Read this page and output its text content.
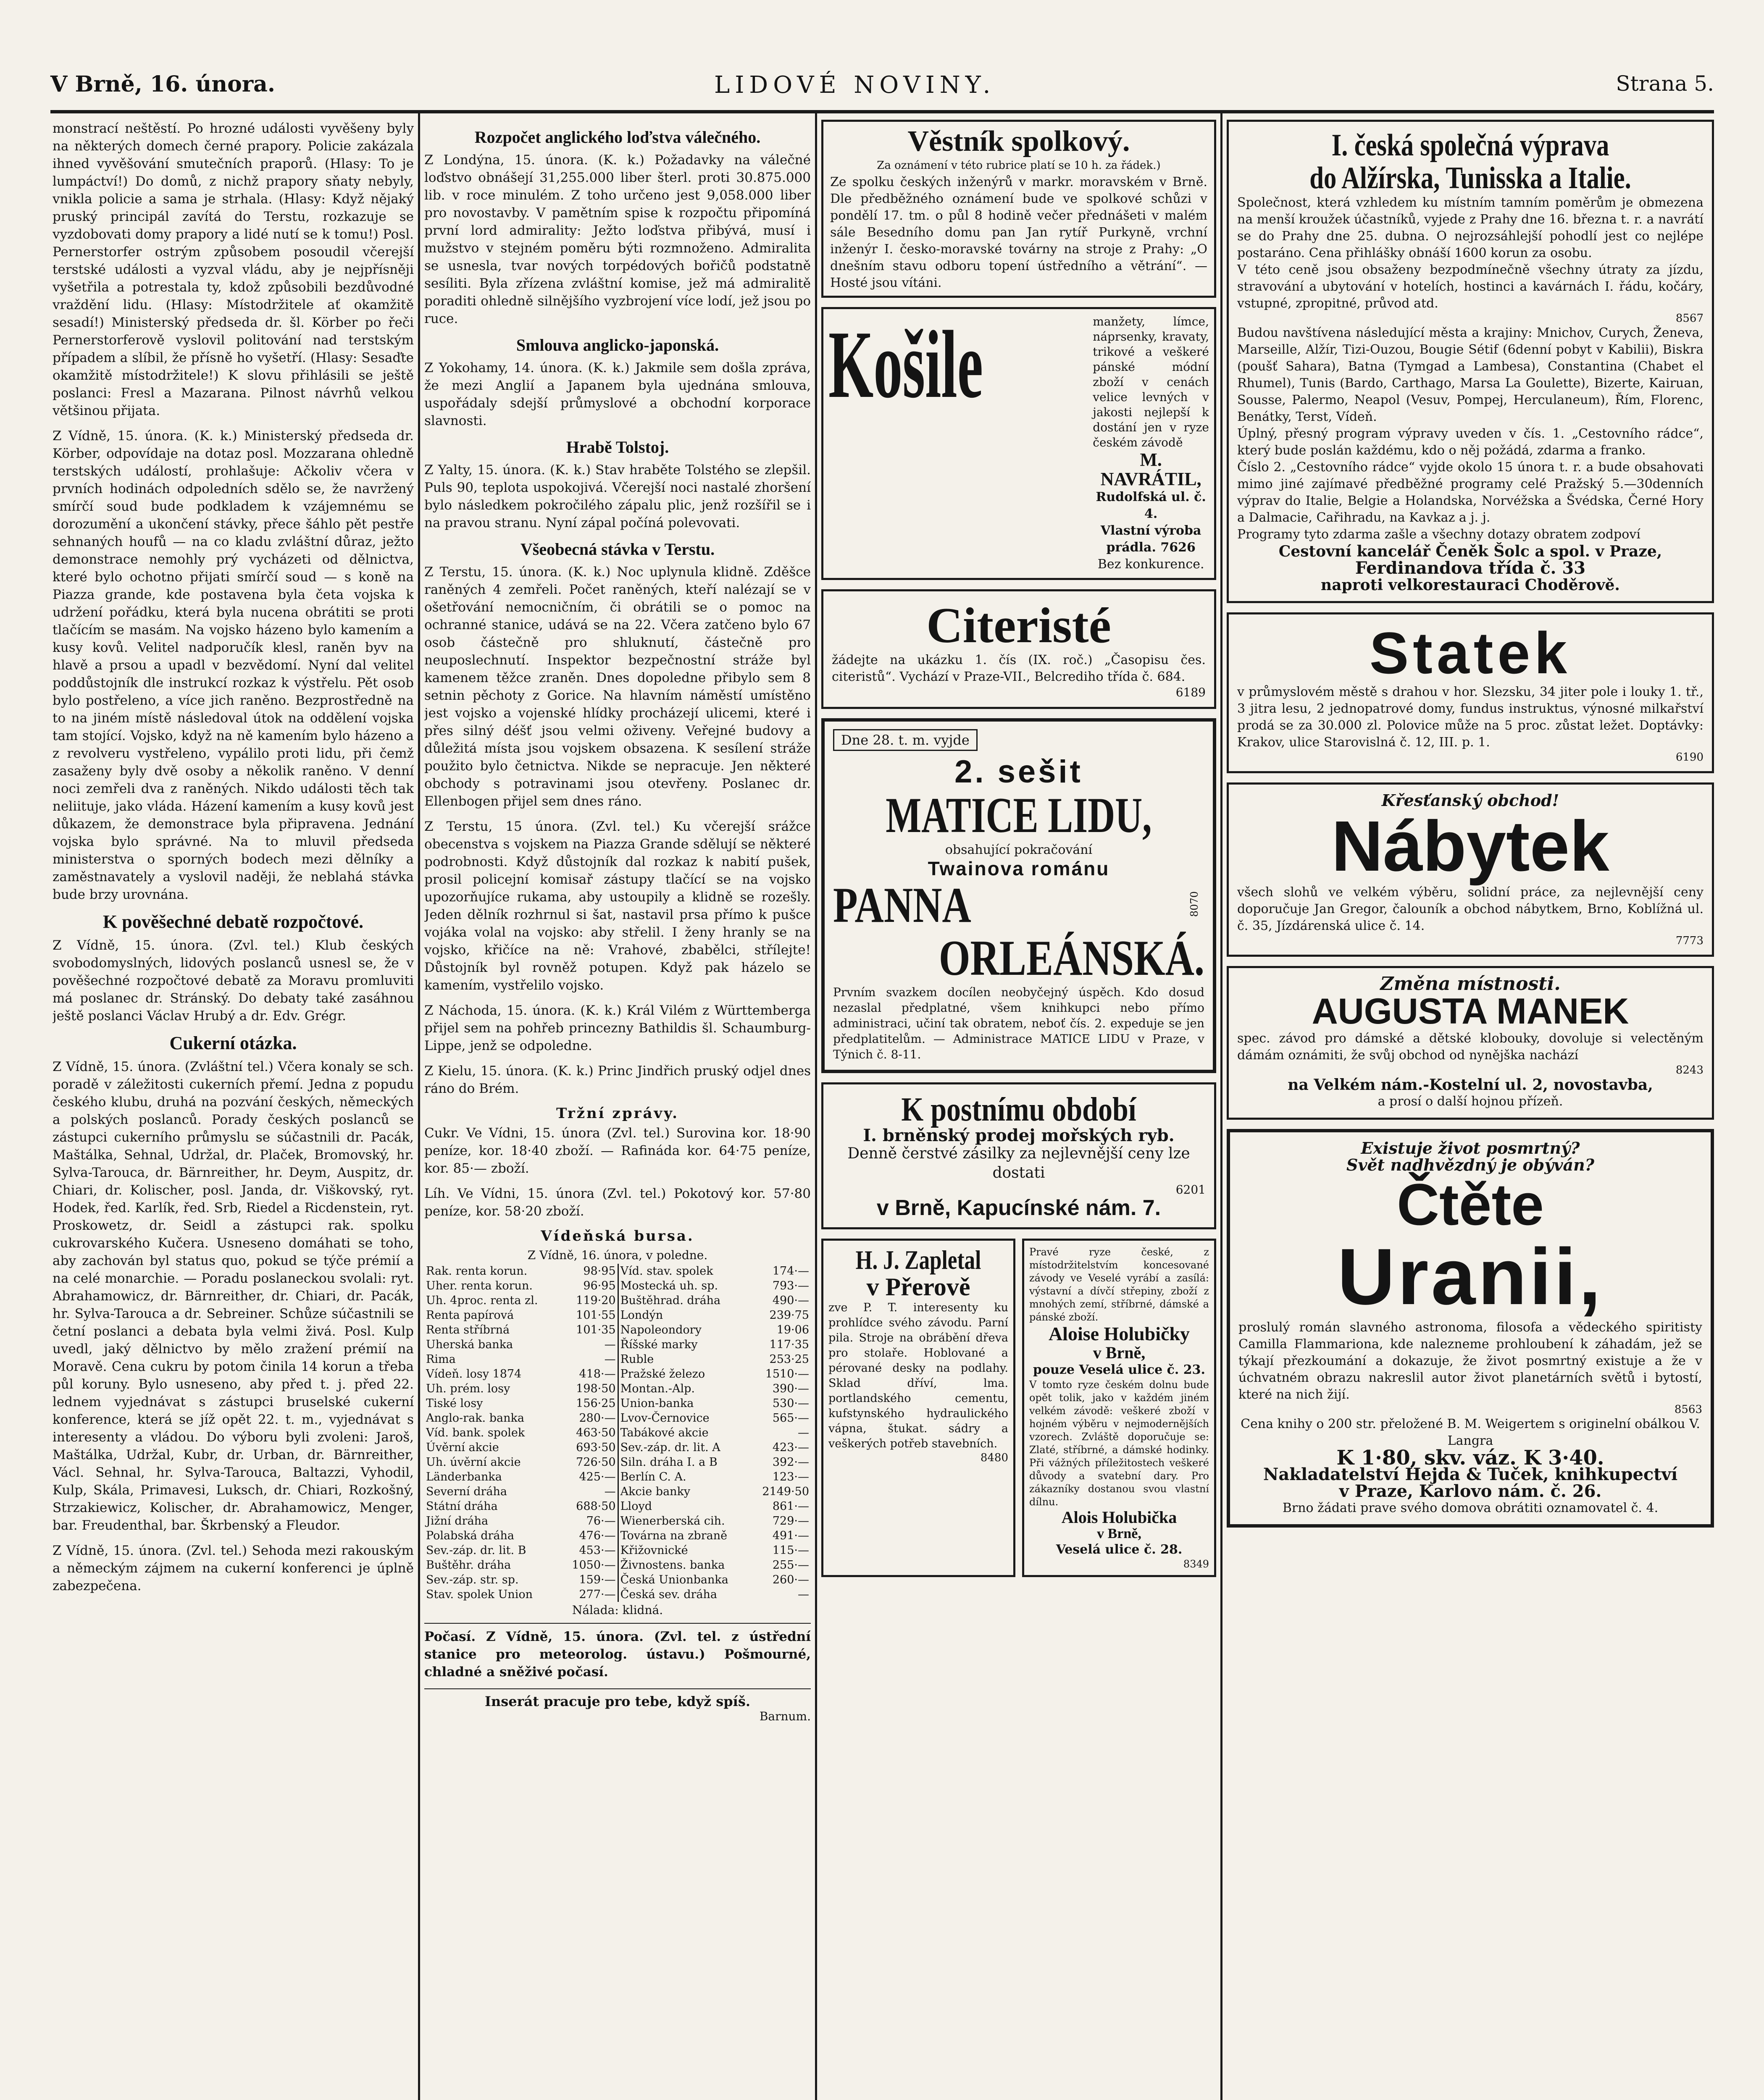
V Brně, 16. února.	LIDOVÉ NOVINY.	Strana 5.

monstrací neštěstí. Po hrozné události vyvěšeny byly na některých domech černé prapory. Policie zakázala ihned vyvěšování smutečních praporů. (Hlasy: To je lumpáctví!) Do domů, z nichž prapory sňaty nebyly, vnikla policie a sama je strhala. (Hlasy: Když nějaký pruský principál zavítá do Terstu, rozkazuje se vyzdobovati domy prapory a lidé nutí se k tomu!) Posl. Pernerstorfer ostrým způsobem posoudil včerejší terstské události a vyzval vládu, aby je nejpřísněji vyšetřila a potrestala ty, kdož způsobili bezdůvodné vraždění lidu. (Hlasy: Místodržitele ať okamžitě sesadí!) Ministerský předseda dr. šl. Körber po řeči Pernerstorferově vyslovil politování nad terstským případem a slíbil, že přísně ho vyšetří. (Hlasy: Sesaďte okamžitě místodržitele!) K slovu přihlásili se ještě poslanci: Fresl a Mazarana. Pilnost návrhů velkou většinou přijata.

Z Vídně, 15. února. (K. k.) Ministerský předseda dr. Körber, odpovídaje na dotaz posl. Mozzarana ohledně terstských událostí, prohlašuje: Ačkoliv včera v prvních hodinách odpoledních sdělo se, že navržený smírčí soud bude podkladem k vzájemnému se dorozumění a ukončení stávky, přece šáhlo pět pestře sehnaných houfů — na co kladu zvláštní důraz, ježto demonstrace nemohly prý vycházeti od dělnictva, které bylo ochotno přijati smírčí soud — s koně na Piazza grande, kde postavena byla četa vojska k udržení pořádku, která byla nucena obrátiti se proti tlačícím se masám. Na vojsko házeno bylo kamením a kusy kovů. Velitel nadporučík klesl, raněn byv na hlavě a prsou a upadl v bezvědomí. Nyní dal velitel poddůstojník dle instrukcí rozkaz k výstřelu. Pět osob bylo postřeleno, a více jich raněno. Bezprostředně na to na jiném místě následoval útok na oddělení vojska tam stojící. Vojsko, když na ně kamením bylo házeno a z revolveru vystřeleno, vypálilo proti lidu, při čemž zasaženy byly dvě osoby a několik raněno. V denní noci zemřeli dva z raněných. Nikdo události těch tak neliituje, jako vláda. Házení kamením a kusy kovů jest důkazem, že demonstrace byla připravena. Jednání vojska bylo správné. Na to mluvil předseda ministerstva o sporných bodech mezi dělníky a zaměstnavately a vyslovil naději, že neblahá stávka bude brzy urovnána.

K pověšechné debatě rozpočtové.

Z Vídně, 15. února. (Zvl. tel.) Klub českých svobodomyslných, lidových poslanců usnesl se, že v pověšechné rozpočtové debatě za Moravu promluviti má poslanec dr. Stránský. Do debaty také zasáhnou ještě poslanci Václav Hrubý a dr. Edv. Grégr.

Cukerní otázka.

Z Vídně, 15. února. (Zvláštní tel.) Včera konaly se sch. poradě v záležitosti cukerních přemí. Jedna z popudu českého klubu, druhá na pozvání českých, německých a polských poslanců. Porady českých poslanců se zástupci cukerního průmyslu se súčastnili dr. Pacák, Maštálka, Sehnal, Udržal, dr. Plaček, Bromovský, hr. Sylva-Tarouca, dr. Bärnreither, hr. Deym, Auspitz, dr. Chiari, dr. Kolischer, posl. Janda, dr. Viškovský, ryt. Hodek, řed. Karlík, řed. Srb, Riedel a Ricdenstein, ryt. Proskowetz, dr. Seidl a zástupci rak. spolku cukrovarského Kučera. Usneseno domáhati se toho, aby zachován byl status quo, pokud se týče prémií a na celé monarchie. — Poradu poslaneckou svolali: ryt. Abrahamowicz, dr. Bärnreither, dr. Chiari, dr. Pacák, hr. Sylva-Tarouca a dr. Sebreiner. Schůze súčastnili se četní poslanci a debata byla velmi živá. Posl. Kulp uvedl, jaký dělnictvo by mělo zražení prémií na Moravě. Cena cukru by potom činila 14 korun a třeba půl koruny. Bylo usneseno, aby před t. j. před 22. lednem vyjednávat s zástupci bruselské cukerní konference, která se jíž opět 22. t. m., vyjednávat s interesenty a vládou. Do výboru byli zvoleni: Jaroš, Maštálka, Udržal, Kubr, dr. Urban, dr. Bärnreither, Václ. Sehnal, hr. Sylva-Tarouca, Baltazzi, Vyhodil, Kulp, Skála, Primavesi, Luksch, dr. Chiari, Rozkošný, Strzakiewicz, Kolischer, dr. Abrahamowicz, Menger, bar. Freudenthal, bar. Škrbenský a Fleudor.

Z Vídně, 15. února. (Zvl. tel.) Sehoda mezi rakouským a německým zájmem na cukerní konferenci je úplně zabezpečena.

Rozpočet anglického loďstva válečného.

Z Londýna, 15. února. (K. k.) Požadavky na válečné loďstvo obnášejí 31,255.000 liber šterl. proti 30.875.000 lib. v roce minulém. Z toho určeno jest 9,058.000 liber pro novostavby. V pamětním spise k rozpočtu připomíná první lord admirality: Ježto loďstva přibývá, musí i mužstvo v stejném poměru býti rozmnoženo. Admiralita se usnesla, tvar nových torpédových bořičů podstatně sesíliti. Byla zřízena zvláštní komise, jež má admiralitě poraditi ohledně silnějšího vyzbrojení více lodí, jež jsou po ruce.

Smlouva anglicko-japonská.

Z Yokohamy, 14. února. (K. k.) Jakmile sem došla zpráva, že mezi Anglií a Japanem byla ujednána smlouva, uspořádaly sdejší průmyslové a obchodní korporace slavnosti.

Hrabě Tolstoj.

Z Yalty, 15. února. (K. k.) Stav hraběte Tolstého se zlepšil. Puls 90, teplota uspokojivá. Včerejší noci nastalé zhoršení bylo následkem pokročilého zápalu plic, jenž rozšířil se i na pravou stranu. Nyní zápal počíná polevovati.

Všeobecná stávka v Terstu.

Z Terstu, 15. února. (K. k.) Noc uplynula klidně. Zděšce raněných 4 zemřeli. Počet raněných, kteří nalézají se v ošetřování nemocničním, či obrátili se o pomoc na ochranné stanice, udává se na 22. Včera zatčeno bylo 67 osob částečně pro shluknutí, částečně pro neuposlechnutí. Inspektor bezpečnostní stráže byl kamenem těžce zraněn. Dnes dopoledne přibylo sem 8 setnin pěchoty z Gorice. Na hlavním náměstí umístěno jest vojsko a vojenské hlídky procházejí ulicemi, které i přes silný déšť jsou velmi oživeny. Veřejné budovy a důležitá místa jsou vojskem obsazena. K sesílení stráže použito bylo četnictva. Nikde se nepracuje. Jen některé obchody s potravinami jsou otevřeny. Poslanec dr. Ellenbogen přijel sem dnes ráno.

Z Terstu, 15 února. (Zvl. tel.) Ku včerejší srážce obecenstva s vojskem na Piazza Grande sdělují se některé podrobnosti. Když důstojník dal rozkaz k nabití pušek, prosil policejní komisař zástupy tlačící se na vojsko upozorňujíce rukama, aby ustoupily a klidně se rozešly. Jeden dělník rozhrnul si šat, nastavil prsa přímo k pušce vojáka volal na vojsko: aby střelil. I ženy hranly se na vojsko, křičíce na ně: Vrahové, zbabělci, střílejte! Důstojník byl rovněž potupen. Když pak házelo se kamením, vystřelilo vojsko.

Z Náchoda, 15. února. (K. k.) Král Vilém z Württemberga přijel sem na pohřeb princezny Bathildis šl. Schaumburg-Lippe, jenž se odpoledne.

Z Kielu, 15. února. (K. k.) Princ Jindřich pruský odjel dnes ráno do Brém.

Tržní zprávy.

Cukr. Ve Vídni, 15. února (Zvl. tel.) Surovina kor. 18·90 peníze, kor. 18·40 zboží. — Rafináda kor. 64·75 peníze, kor. 85·— zboží.

Líh. Ve Vídni, 15. února (Zvl. tel.) Pokotový kor. 57·80 peníze, kor. 58·20 zboží.

Vídeňská bursa.
Z Vídně, 16. února, v poledne.
Rak. renta korun.	98·95	Víd. stav. spolek	174·—
Uher. renta korun.	96·95	Mostecká uh. sp.	793·—
Uh. 4proc. renta zl.	119·20	Buštěhrad. dráha	490·—
Renta papírová	101·55	Londýn	239·75
Renta stříbrná	101·35	Napoleondory	19·06
Uherská banka	—	Říšské marky	117·35
Rima	—	Ruble	253·25
Vídeň. losy 1874	418·—	Pražské železo	1510·—
Uh. prém. losy	198·50	Montan.-Alp.	390·—
Tiské losy	156·25	Union-banka	530·—
Anglo-rak. banka	280·—	Lvov-Černovice	565·—
Víd. bank. spolek	463·50	Tabákové akcie	—
Úvěrní akcie	693·50	Sev.-záp. dr. lit. A	423·—
Uh. úvěrní akcie	726·50	Siln. dráha I. a B	392·—
Länderbanka	425·—	Berlín C. A.	123·—
Severní dráha	—	Akcie banky	2149·50
Státní dráha	688·50	Lloyd	861·—
Jižní dráha	76·—	Wienerberská cih.	729·—
Polabská dráha	476·—	Továrna na zbraně	491·—
Sev.-záp. dr. lit. B	453·—	Křižovnické	115·—
Buštěhr. dráha	1050·—	Živnostens. banka	255·—
Sev.-záp. str. sp.	159·—	Česká Unionbanka	260·—
Stav. spolek Union	277·—	Česká sev. dráha	—
Nálada: klidná.

Počasí. Z Vídně, 15. února. (Zvl. tel. z ústřední stanice pro meteorolog. ústavu.) Pošmourné, chladné a sněživé počasí.

Inserát pracuje pro tebe, když spíš.
Barnum.
Věstník spolkový.
Za oznámení v této rubrice platí se 10 h. za řádek.)
Ze spolku českých inženýrů v markr. moravském v Brně. Dle předběžného oznámení bude ve spolkové schůzi v pondělí 17. tm. o půl 8 hodině večer přednášeti v malém sále Besedního domu pan Jan rytíř Purkyně, vrchní inženýr I. česko-moravské továrny na stroje z Prahy: „O dnešním stavu odboru topení ústředního a větrání“. — Hosté jsou vítáni.
Košile	manžety, límce, náprsenky, kravaty, trikové a veškeré pánské módní zboží v cenách velice levných v jakosti nejlepší k dostání jen v ryze českém závodě
M. NAVRÁTIL,
Rudolfská ul. č. 4.
Vlastní výroba prádla. 7626
Bez konkurence.
Citeristé
žádejte na ukázku 1. čís (IX. roč.) „Časopisu čes. citeristů“. Vychází v Praze-VII., Belcrediho třída č. 684.
6189
Dne 28. t. m. vyjde
2. sešit
MATICE LIDU,
obsahující pokračování
Twainova románu
PANNA	8070
ORLEÁNSKÁ.
Prvním svazkem docílen neobyčejný úspěch. Kdo dosud nezaslal předplatné, všem knihkupci nebo přímo administraci, učiní tak obratem, neboť čís. 2. expeduje se jen předplatitelům. — Administrace MATICE LIDU v Praze, v Týnich č. 8-11.
K postnímu období
I. brněnský prodej mořských ryb.
Denně čerstvé zásilky za nejlevnější ceny lze dostati
6201
v Brně, Kapucínské nám. 7.
H. J. Zapletal
v Přerově
zve P. T. interesenty ku prohlídce svého závodu. Parní pila. Stroje na obrábění dřeva pro stolaře. Hoblované a pérované desky na podlahy. Sklad dříví, lma. portlandského cementu, kufstynského hydraulického vápna, štukat. sádry a veškerých potřeb stavebních.
8480
Pravé ryze české, z místodržitelstvím koncesované závody ve Veselé vyrábí a zasílá: výstavní a dívčí střepiny, zboží z mnohých zemí, stříbrné, dámské a pánské zboží.
Aloise Holubičky
v Brně,
pouze Veselá ulice č. 23.
V tomto ryze českém dolnu bude opět tolik, jako v každém jiném velkém závodě: veškeré zboží v hojném výběru v nejmodernějších vzorech. Zvláště doporučuje se: Zlaté, stříbrné, a dámské hodinky. Při vážných příležitostech veškeré důvody a svatební dary. Pro zákazníky dostanou svou vlastní dílnu.
Alois Holubička
v Brně,
Veselá ulice č. 28.
8349
I. česká společná výprava
do Alžírska, Tunisska a Italie.
Společnost, která vzhledem ku místním tamním poměrům je obmezena na menší kroužek účastníků, vyjede z Prahy dne 16. března t. r. a navrátí se do Prahy dne 25. dubna. O nejrozsáhlejší pohodlí jest co nejlépe postaráno. Cena přihlášky obnáší 1600 korun za osobu.
V této ceně jsou obsaženy bezpodmínečně všechny útraty za jízdu, stravování a ubytování v hotelích, hostinci a kavárnách I. řádu, kočáry, vstupné, zpropitné, průvod atd.
8567
Budou navštívena následující města a krajiny: Mnichov, Curych, Ženeva, Marseille, Alžír, Tizi-Ouzou, Bougie Sétif (6denní pobyt v Kabilii), Biskra (poušť Sahara), Batna (Tymgad a Lambesa), Constantina (Chabet el Rhumel), Tunis (Bardo, Carthago, Marsa La Goulette), Bizerte, Kairuan, Sousse, Palermo, Neapol (Vesuv, Pompej, Herculaneum), Řím, Florenc, Benátky, Terst, Vídeň.
Úplný, přesný program výpravy uveden v čís. 1. „Cestovního rádce“, který bude poslán každému, kdo o něj požádá, zdarma a franko.
Číslo 2. „Cestovního rádce“ vyjde okolo 15 února t. r. a bude obsahovati mimo jiné zajímavé předběžné programy celé Pražský 5.—30denních výprav do Italie, Belgie a Holandska, Norvéžska a Švédska, Černé Hory a Dalmacie, Cařihradu, na Kavkaz a j. j.
Programy tyto zdarma zašle a všechny dotazy obratem zodpoví
Cestovní kancelář Čeněk Šolc a spol. v Praze,
Ferdinandova třída č. 33
naproti velkorestauraci Choděrově.
Statek
v průmyslovém městě s drahou v hor. Slezsku, 34 jiter pole i louky 1. tř., 3 jitra lesu, 2 jednopatrové domy, fundus instruktus, výnosné milkařství prodá se za 30.000 zl. Polovice může na 5 proc. zůstat ležet. Doptávky: Krakov, ulice Starovislná č. 12, III. p. 1.
6190
Křesťanský obchod!
Nábytek
všech slohů ve velkém výběru, solidní práce, za nejlevnější ceny doporučuje Jan Gregor, čalouník a obchod nábytkem, Brno, Koblížná ul. č. 35, Jízdárenská ulice č. 14.
7773
Změna místnosti.
AUGUSTA MANEK
spec. závod pro dámské a dětské klobouky, dovoluje si velectěným dámám oznámiti, že svůj obchod od nynějška nachází
8243
na Velkém nám.-Kostelní ul. 2, novostavba,
a prosí o další hojnou přízeň.
Existuje život posmrtný?
Svět nadhvězdný je obýván?
Čtěte
Uranii,
proslulý román slavného astronoma, filosofa a vědeckého spiritisty Camilla Flammariona, kde nalezneme prohloubení k záhadám, jež se týkají přezkoumání a dokazuje, že život posmrtný existuje a že v úchvatném obrazu nakreslil autor život planetárních světů i bytostí, které na nich žijí.
8563
Cena knihy o 200 str. přeložené B. M. Weigertem s originelní obálkou V. Langra
K 1·80, skv. váz. K 3·40.
Nakladatelství Hejda & Tuček, knihkupectví
v Praze, Karlovo nám. č. 26.
Brno žádati prave svého domova obrátiti oznamovatel č. 4.
